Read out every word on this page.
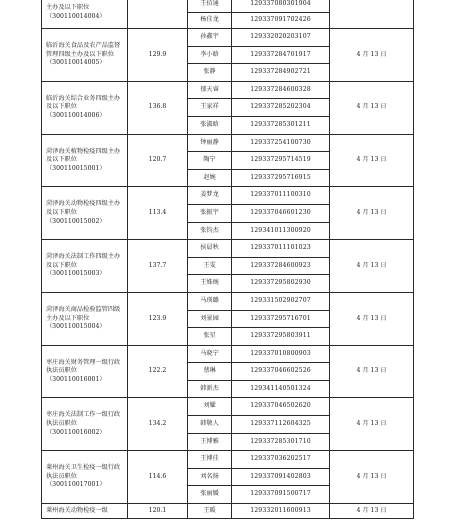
主办及以下职位
（300110014004）		王佰通	129337080301904	
		杨佳龙	129337091702426	

临沂海关食品及农产品监督管理四级主办及以下职位（300110014005）	129.9	孙鑫宇	129332020203107	4 月 13 日
		李小晗	129337284701917	
		张静	129337284902721	

临沂海关综合业务四级主办及以下职位（300110014006）	136.8	郁天睿	129337284600328	4 月 13 日
		王家祥	129337285202304	
		张淑晗	129337285301211	

菏泽海关植物检疫四级主办及以下职位（300110015001）	120.7	钟丽静	129337254100730	4 月 13 日
		陶宁	129337295714519	
		赵婉	129337295716915	

菏泽海关动物检疫四级主办及以下职位（300110015002）	113.4	姜梦龙	129337011100310	4 月 13 日
		张振宇	129337046601230	
		张钧杰	129341011300920	

菏泽海关法制工作四级主办及以下职位（300110015003）	137.7	侯晨秋	129337011101023	4 月 13 日
		王雯	129337284600923	
		王姝琬	129337295802930	

菏泽海关商品检验监管四级主办及以下职位（300110015004）	123.9	马瑛璐	129331502902707	4 月 13 日
		刘景园	129337295716701	
		张星	129337295803911	

枣庄海关财务管理一级行政执法员职位（300110016001）	122.2	马晓宁	129337010800903	4 月 13 日
		蔡琳	129337046602526	
		韩新杰	129341140501324	

枣庄海关法制工作一级行政执法员职位（300110016002）	134.2	刘耀	129337046502620	4 月 13 日
		韩敬人	129337112604325	
		王博雅	129337285301710	

莱州海关卫生检疫一级行政执法员职位（300110017001）	114.6	王博佳	129337036202517	4 月 13 日
		刘名扬	129337091402803	
		张丽媛	129337091500717	

莱州海关动物检疫一级	120.1	王暖	129332011600913	4 月 13 日
